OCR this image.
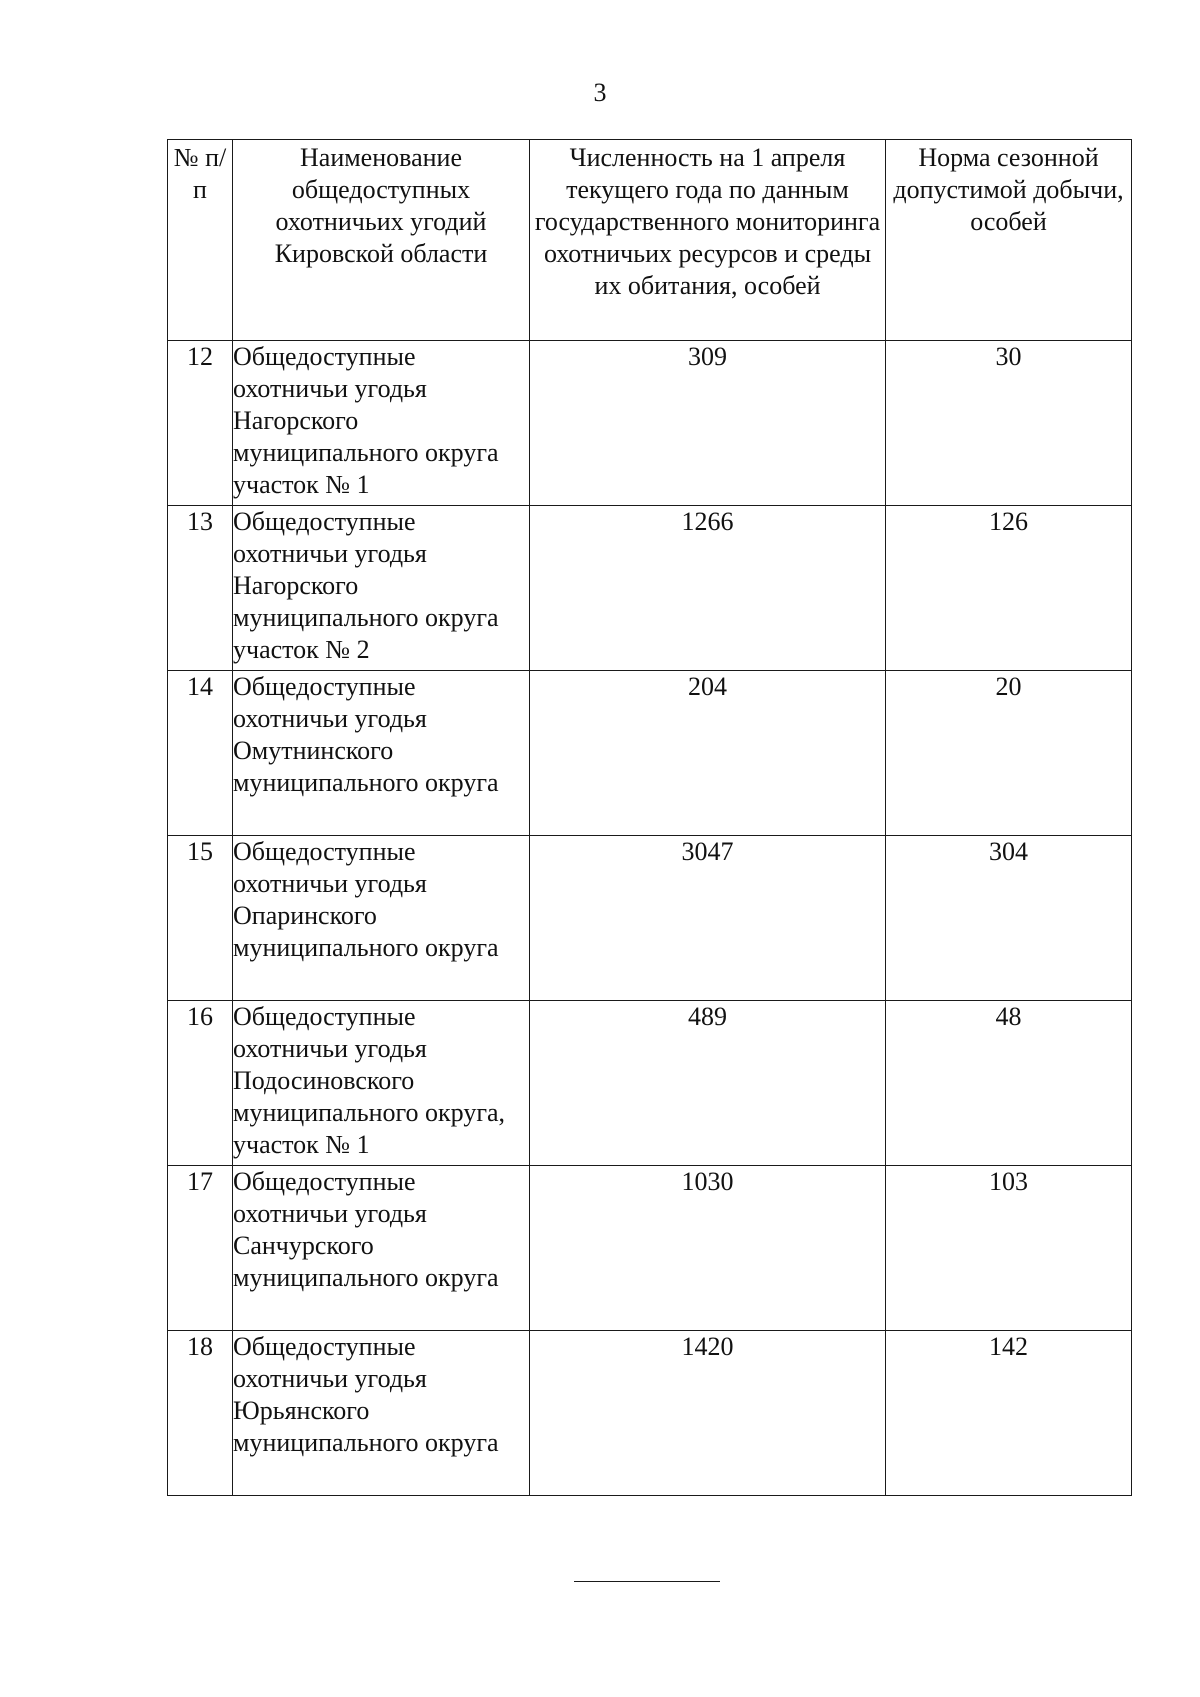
3
№ п/п	Наименование общедоступных охотничьих угодий Кировской области	Численность на 1 апреля текущего года по данным государственного мониторинга охотничьих ресурсов и среды их обитания, особей	Норма сезонной допустимой добычи, особей
12	Общедоступные охотничьи угодья Нагорского муниципального округа участок № 1	309	30
13	Общедоступные охотничьи угодья Нагорского муниципального округа участок № 2	1266	126
14	Общедоступные охотничьи угодья Омутнинского муниципального округа	204	20
15	Общедоступные охотничьи угодья Опаринского муниципального округа	3047	304
16	Общедоступные охотничьи угодья Подосиновского муниципального округа, участок № 1	489	48
17	Общедоступные охотничьи угодья Санчурского муниципального округа	1030	103
18	Общедоступные охотничьи угодья Юрьянского муниципального округа	1420	142
